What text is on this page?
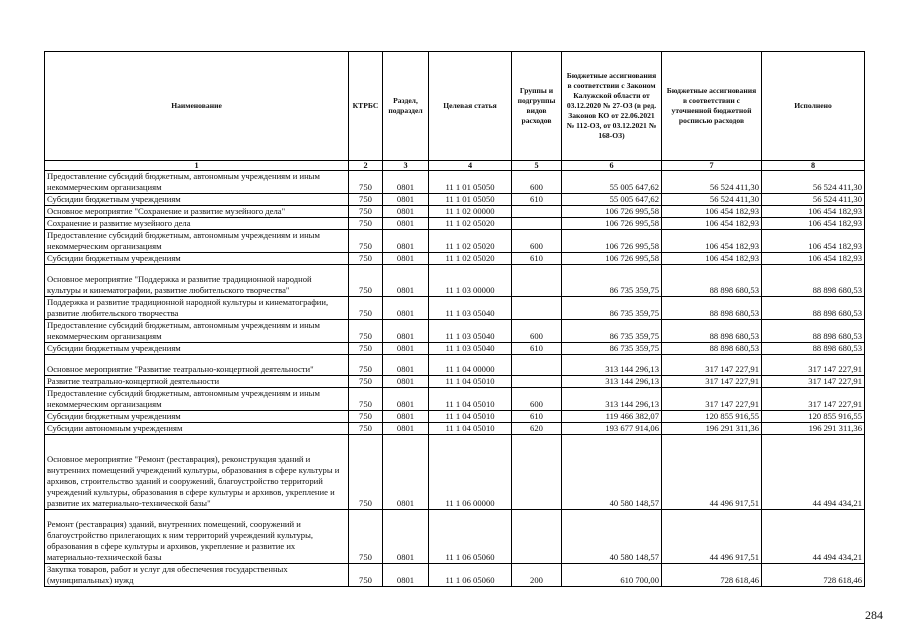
Наименование	КТРБС	Раздел, подраздел	Целевая статья	Группы и подгруппы видов расходов	Бюджетные ассигнования в соответствии с Законом Калужской области от 03.12.2020 № 27-ОЗ (в ред. Законов КО от 22.06.2021 № 112-ОЗ, от 03.12.2021 № 168-ОЗ)	Бюджетные ассигнования в соответствии с уточненной бюджетной росписью расходов	Исполнено
1	2	3	4	5	6	7	8
Предоставление субсидий бюджетным, автономным учреждениям и иным некоммерческим организациям	750	0801	11 1 01 05050	600	55 005 647,62	56 524 411,30	56 524 411,30
Субсидии бюджетным учреждениям	750	0801	11 1 01 05050	610	55 005 647,62	56 524 411,30	56 524 411,30
Основное мероприятие "Сохранение и развитие музейного дела"	750	0801	11 1 02 00000		106 726 995,58	106 454 182,93	106 454 182,93
Сохранение и развитие музейного дела	750	0801	11 1 02 05020		106 726 995,58	106 454 182,93	106 454 182,93
Предоставление субсидий бюджетным, автономным учреждениям и иным некоммерческим организациям	750	0801	11 1 02 05020	600	106 726 995,58	106 454 182,93	106 454 182,93
Субсидии бюджетным учреждениям	750	0801	11 1 02 05020	610	106 726 995,58	106 454 182,93	106 454 182,93
Основное мероприятие "Поддержка и развитие традиционной народной культуры и кинематографии, развитие любительского творчества"	750	0801	11 1 03 00000		86 735 359,75	88 898 680,53	88 898 680,53
Поддержка и развитие традиционной народной культуры и кинематографии, развитие любительского творчества	750	0801	11 1 03 05040		86 735 359,75	88 898 680,53	88 898 680,53
Предоставление субсидий бюджетным, автономным учреждениям и иным некоммерческим организациям	750	0801	11 1 03 05040	600	86 735 359,75	88 898 680,53	88 898 680,53
Субсидии бюджетным учреждениям	750	0801	11 1 03 05040	610	86 735 359,75	88 898 680,53	88 898 680,53
Основное мероприятие "Развитие театрально-концертной деятельности"	750	0801	11 1 04 00000		313 144 296,13	317 147 227,91	317 147 227,91
Развитие театрально-концертной деятельности	750	0801	11 1 04 05010		313 144 296,13	317 147 227,91	317 147 227,91
Предоставление субсидий бюджетным, автономным учреждениям и иным некоммерческим организациям	750	0801	11 1 04 05010	600	313 144 296,13	317 147 227,91	317 147 227,91
Субсидии бюджетным учреждениям	750	0801	11 1 04 05010	610	119 466 382,07	120 855 916,55	120 855 916,55
Субсидии автономным учреждениям	750	0801	11 1 04 05010	620	193 677 914,06	196 291 311,36	196 291 311,36
Основное мероприятие "Ремонт (реставрация), реконструкция зданий и внутренних помещений учреждений культуры, образования в сфере культуры и архивов, строительство зданий и сооружений, благоустройство территорий учреждений культуры, образования в сфере культуры и архивов, укрепление и развитие их материально-технической базы"	750	0801	11 1 06 00000		40 580 148,57	44 496 917,51	44 494 434,21
Ремонт (реставрация) зданий, внутренних помещений, сооружений и благоустройство прилегающих к ним территорий учреждений культуры, образования в сфере культуры и архивов, укрепление и развитие их материально-технической базы	750	0801	11 1 06 05060		40 580 148,57	44 496 917,51	44 494 434,21
Закупка товаров, работ и услуг для обеспечения государственных (муниципальных) нужд	750	0801	11 1 06 05060	200	610 700,00	728 618,46	728 618,46
284
